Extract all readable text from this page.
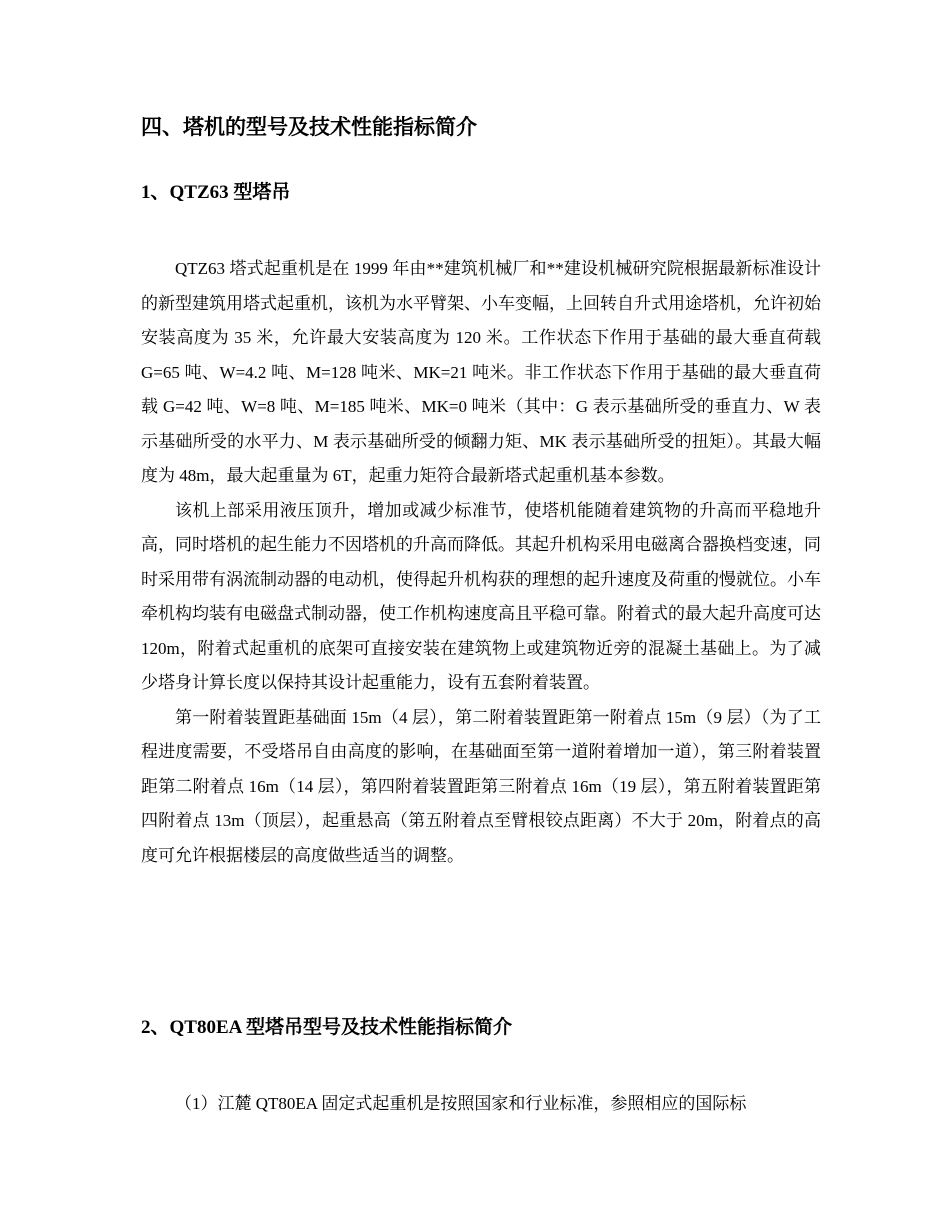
四、塔机的型号及技术性能指标简介
1、QTZ63 型塔吊

QTZ63 塔式起重机是在 1999 年由**建筑机械厂和**建设机械研究院根据最新标准设计的新型建筑用塔式起重机，该机为水平臂架、小车变幅，上回转自升式用途塔机，允许初始安装高度为 35 米，允许最大安装高度为 120 米。工作状态下作用于基础的最大垂直荷载 G=65 吨、W=4.2 吨、M=128 吨米、MK=21 吨米。非工作状态下作用于基础的最大垂直荷载 G=42 吨、W=8 吨、M=185 吨米、MK=0 吨米（其中：G 表示基础所受的垂直力、W 表示基础所受的水平力、M 表示基础所受的倾翻力矩、MK 表示基础所受的扭矩）。其最大幅度为 48m，最大起重量为 6T，起重力矩符合最新塔式起重机基本参数。

该机上部采用液压顶升，增加或减少标准节，使塔机能随着建筑物的升高而平稳地升高，同时塔机的起生能力不因塔机的升高而降低。其起升机构采用电磁离合器换档变速，同时采用带有涡流制动器的电动机，使得起升机构获的理想的起升速度及荷重的慢就位。小车牵机构均装有电磁盘式制动器，使工作机构速度高且平稳可靠。附着式的最大起升高度可达 120m，附着式起重机的底架可直接安装在建筑物上或建筑物近旁的混凝土基础上。为了减少塔身计算长度以保持其设计起重能力，设有五套附着装置。

第一附着装置距基础面 15m（4 层），第二附着装置距第一附着点 15m（9 层）（为了工程进度需要，不受塔吊自由高度的影响，在基础面至第一道附着增加一道），第三附着装置距第二附着点 16m（14 层），第四附着装置距第三附着点 16m（19 层），第五附着装置距第四附着点 13m（顶层），起重悬高（第五附着点至臂根铰点距离）不大于 20m，附着点的高度可允许根据楼层的高度做些适当的调整。

2、QT80EA 型塔吊型号及技术性能指标简介

（1）江麓 QT80EA 固定式起重机是按照国家和行业标准，参照相应的国际标
